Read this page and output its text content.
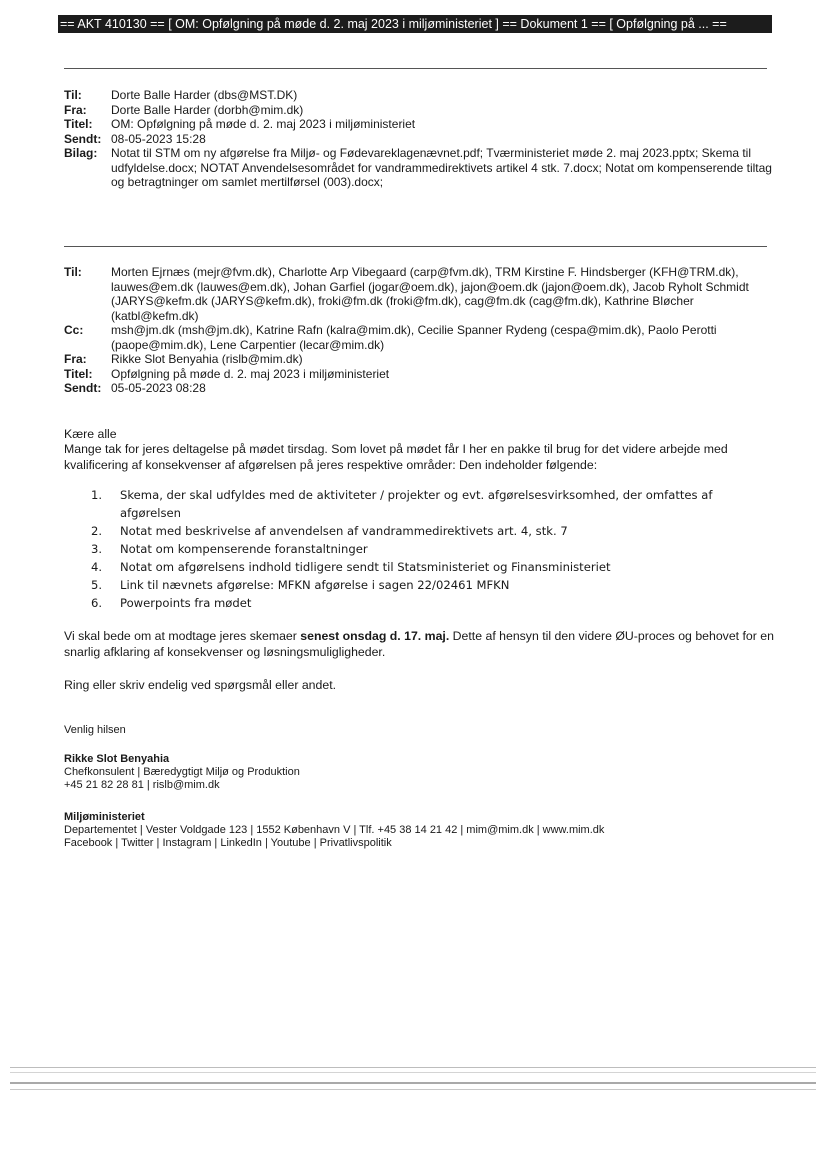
== AKT 410130 == [ OM: Opfølgning på møde d. 2. maj 2023 i miljøministeriet ] == Dokument 1 == [ Opfølgning på ... ==
Til:	Dorte Balle Harder (dbs@MST.DK)
Fra:	Dorte Balle Harder (dorbh@mim.dk)
Titel:	OM: Opfølgning på møde d. 2. maj 2023 i miljøministeriet
Sendt: 08-05-2023 15:28
Bilag:	Notat til STM om ny afgørelse fra Miljø- og Fødevareklagenævnet.pdf; Tværministeriet møde 2. maj 2023.pptx; Skema til udfyldelse.docx; NOTAT Anvendelsesområdet for vandrammedirektivets artikel 4 stk. 7.docx; Notat om kompenserende tiltag og betragtninger om samlet mertilførsel (003).docx;
Til:	Morten Ejrnæs (mejr@fvm.dk), Charlotte Arp Vibegaard (carp@fvm.dk), TRM Kirstine F. Hindsberger (KFH@TRM.dk), lauwes@em.dk (lauwes@em.dk), Johan Garfiel (jogar@oem.dk), jajon@oem.dk (jajon@oem.dk), Jacob Ryholt Schmidt (JARYS@kefm.dk (JARYS@kefm.dk), froki@fm.dk (froki@fm.dk), cag@fm.dk (cag@fm.dk), Kathrine Bløcher (katbl@kefm.dk)
Cc:	msh@jm.dk (msh@jm.dk), Katrine Rafn (kalra@mim.dk), Cecilie Spanner Rydeng (cespa@mim.dk), Paolo Perotti (paope@mim.dk), Lene Carpentier (lecar@mim.dk)
Fra:	Rikke Slot Benyahia (rislb@mim.dk)
Titel:	Opfølgning på møde d. 2. maj 2023 i miljøministeriet
Sendt: 05-05-2023 08:28
Kære alle
Mange tak for jeres deltagelse på mødet tirsdag. Som lovet på mødet får I her en pakke til brug for det videre arbejde med kvalificering af konsekvenser af afgørelsen på jeres respektive områder: Den indeholder følgende:
1.	Skema, der skal udfyldes med de aktiviteter / projekter og evt. afgørelsesvirksomhed, der omfattes af afgørelsen
2.	Notat med beskrivelse af anvendelsen af vandrammedirektivets art. 4, stk. 7
3.	Notat om kompenserende foranstaltninger
4.	Notat om afgørelsens indhold tidligere sendt til Statsministeriet og Finansministeriet
5.	Link til nævnets afgørelse: MFKN afgørelse i sagen 22/02461 MFKN
6.	Powerpoints fra mødet
Vi skal bede om at modtage jeres skemaer senest onsdag d. 17. maj. Dette af hensyn til den videre ØU-proces og behovet for en snarlig afklaring af konsekvenser og løsningsmuligligheder.
Ring eller skriv endelig ved spørgsmål eller andet.
Venlig hilsen
Rikke Slot Benyahia
Chefkonsulent | Bæredygtigt Miljø og Produktion
+45 21 82 28 81 | rislb@mim.dk
Miljøministeriet
Departementet | Vester Voldgade 123 | 1552 København V | Tlf. +45 38 14 21 42 | mim@mim.dk | www.mim.dk
Facebook | Twitter | Instagram | LinkedIn | Youtube | Privatlivspolitik
